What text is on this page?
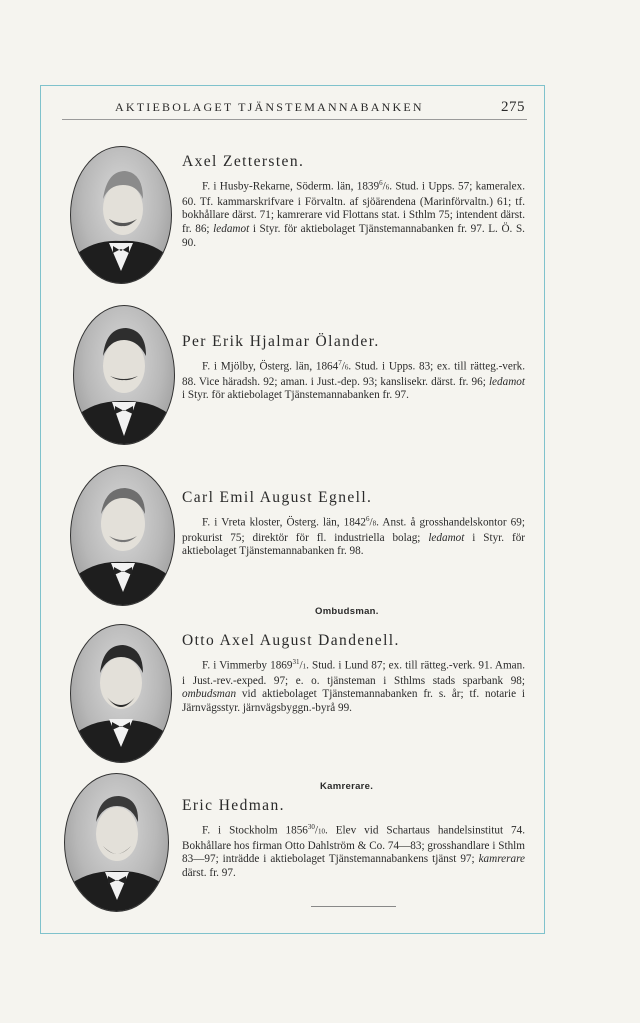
AKTIEBOLAGET TJÄNSTEMANNABANKEN	275

Axel Zettersten.

F. i Husby-Rekarne, Söderm. län, 1839$^6$/6. Stud. i Upps. 57; kameralex. 60. Tf. kammarskrifvare i Förvaltn. af sjöärendena (Marinförvaltn.) 61; tf. bokhållare därst. 71; kamrerare vid Flottans stat. i Sthlm 75; intendent därst. fr. 86; ledamot i Styr. för aktiebolaget Tjänstemannabanken fr. 97. L. Ö. S. 90.

Per Erik Hjalmar Ölander.

F. i Mjölby, Österg. län, 1864$^7$/6. Stud. i Upps. 83; ex. till rätteg.-verk. 88. Vice häradsh. 92; aman. i Just.-dep. 93; kanslisekr. därst. fr. 96; ledamot i Styr. för aktiebolaget Tjänstemannabanken fr. 97.

Carl Emil August Egnell.

F. i Vreta kloster, Österg. län, 1842$^6$/8. Anst. å grosshandelskontor 69; prokurist 75; direktör för fl. industriella bolag; ledamot i Styr. för aktiebolaget Tjänstemannabanken fr. 98.

Ombudsman.

Otto Axel August Dandenell.

F. i Vimmerby 1869$^{31}$/1. Stud. i Lund 87; ex. till rätteg.-verk. 91. Aman. i Just.-rev.-exped. 97; e. o. tjänsteman i Sthlms stads sparbank 98; ombudsman vid aktiebolaget Tjänstemannabanken fr. s. år; tf. notarie i Järnvägsstyr. järnvägsbyggn.-byrå 99.

Kamrerare.

Eric Hedman.

F. i Stockholm 1856$^{30}$/10. Elev vid Schartaus handelsinstitut 74. Bokhållare hos firman Otto Dahlström & Co. 74—83; grosshandlare i Sthlm 83—97; inträdde i aktiebolaget Tjänstemannabankens tjänst 97; kamrerare därst. fr. 97.
